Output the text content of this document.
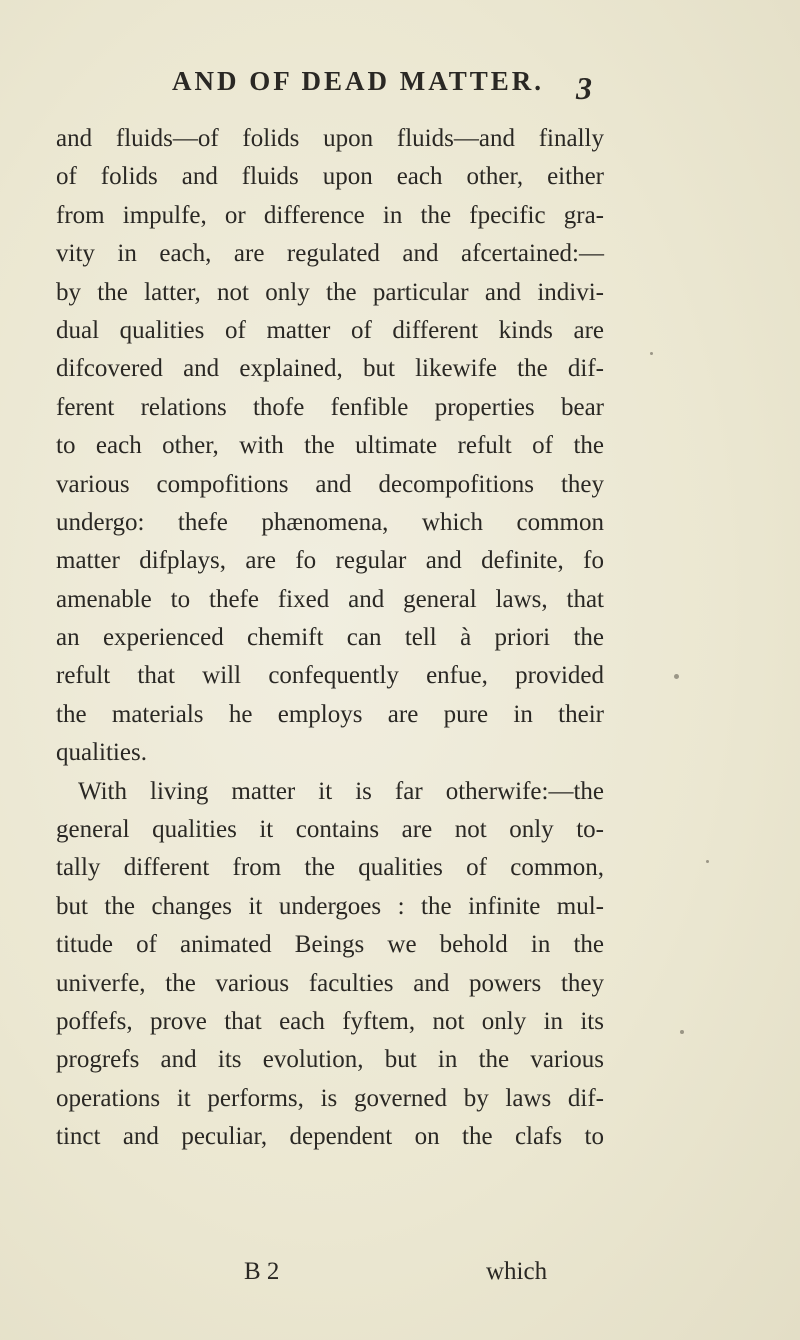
AND OF DEAD MATTER. 3
and fluids—of folids upon fluids—and finally
of folids and fluids upon each other, either
from impulfe, or difference in the fpecific gra-
vity in each, are regulated and afcertained:—
by the latter, not only the particular and indivi-
dual qualities of matter of different kinds are
difcovered and explained, but likewife the dif-
ferent relations thofe fenfible properties bear
to each other, with the ultimate refult of the
various compofitions and decompofitions they
undergo: thefe phænomena, which common
matter difplays, are fo regular and definite, fo
amenable to thefe fixed and general laws, that
an experienced chemift can tell à priori the
refult that will confequently enfue, provided
the materials he employs are pure in their
qualities.
With living matter it is far otherwife:—the
general qualities it contains are not only to-
tally different from the qualities of common,
but the changes it undergoes : the infinite mul-
titude of animated Beings we behold in the
univerfe, the various faculties and powers they
poffefs, prove that each fyftem, not only in its
progrefs and its evolution, but in the various
operations it performs, is governed by laws dif-
tinct and peculiar, dependent on the clafs to
B 2	which
